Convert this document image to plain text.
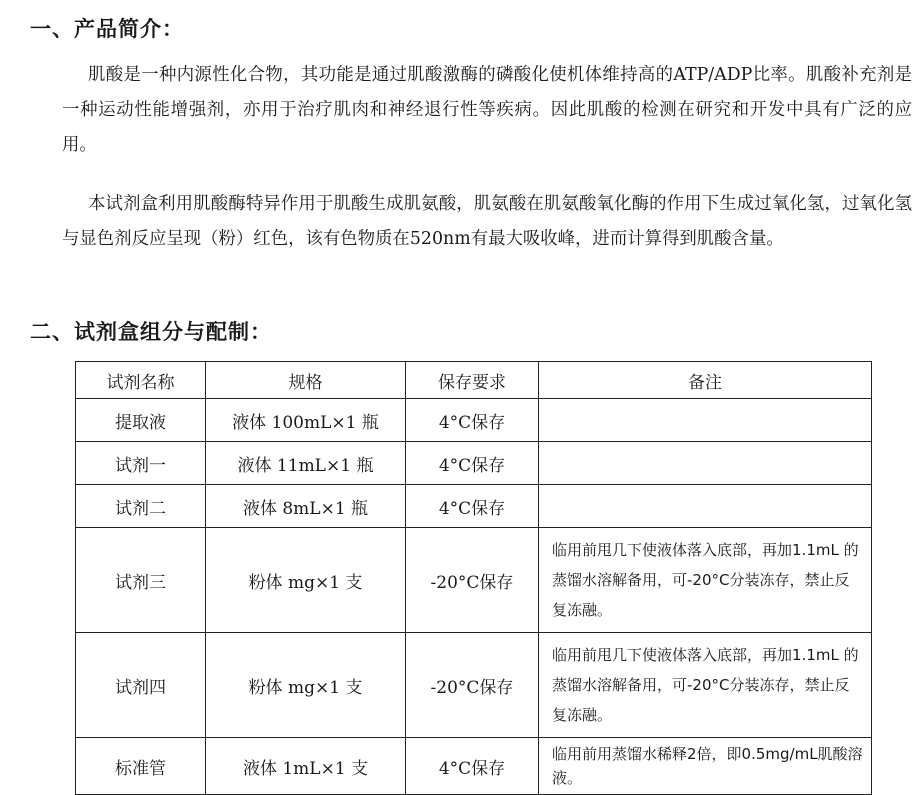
一、产品简介：

肌酸是一种内源性化合物，其功能是通过肌酸激酶的磷酸化使机体维持高的ATP/ADP比率。肌酸补充剂是一种运动性能增强剂，亦用于治疗肌肉和神经退行性等疾病。因此肌酸的检测在研究和开发中具有广泛的应用。

本试剂盒利用肌酸酶特异作用于肌酸生成肌氨酸，肌氨酸在肌氨酸氧化酶的作用下生成过氧化氢，过氧化氢与显色剂反应呈现（粉）红色，该有色物质在520nm有最大吸收峰，进而计算得到肌酸含量。

二、试剂盒组分与配制：
试剂名称	规格	保存要求	备注
提取液	液体 100mL×1 瓶	4°C保存	
试剂一	液体 11mL×1 瓶	4°C保存	
试剂二	液体 8mL×1 瓶	4°C保存	
试剂三	粉体 mg×1 支	-20°C保存	临用前甩几下使液体落入底部，再加1.1mL 的蒸馏水溶解备用，可-20°C分装冻存，禁止反复冻融。
试剂四	粉体 mg×1 支	-20°C保存	临用前甩几下使液体落入底部，再加1.1mL 的蒸馏水溶解备用，可-20°C分装冻存，禁止反复冻融。
标准管	液体 1mL×1 支	4°C保存	临用前用蒸馏水稀释2倍，即0.5mg/mL肌酸溶液。
